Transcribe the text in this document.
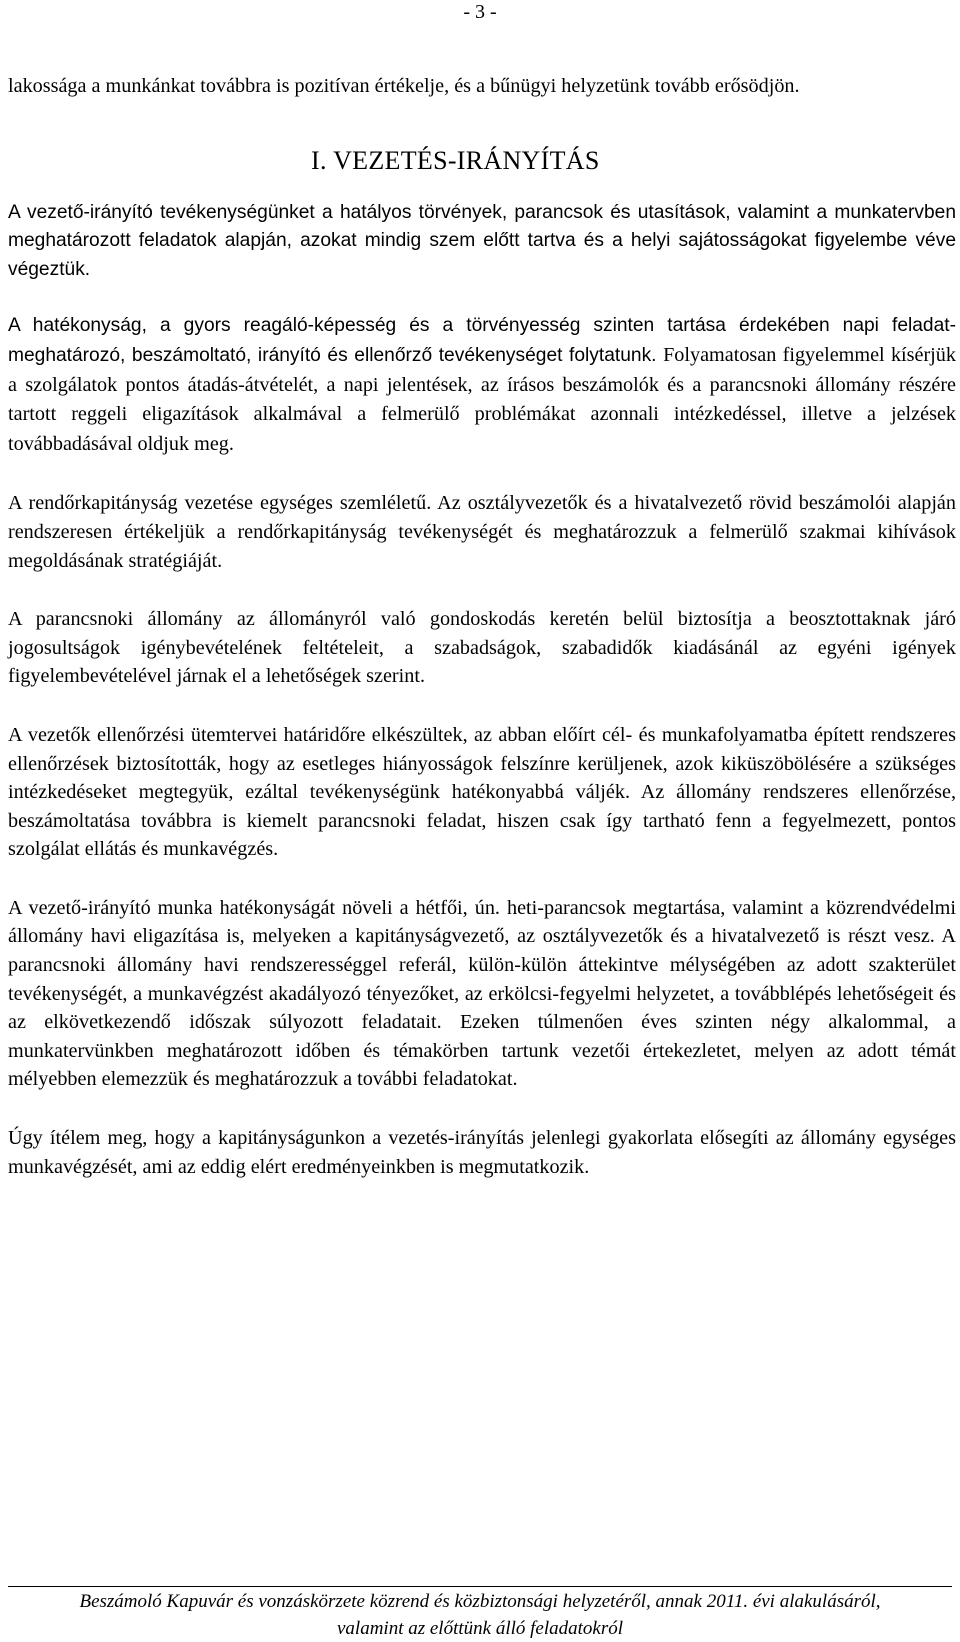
- 3 -

lakossága a munkánkat továbbra is pozitívan értékelje, és a bűnügyi helyzetünk tovább erősödjön.

I. VEZETÉS-IRÁNYÍTÁS

A vezető-irányító tevékenységünket a hatályos törvények, parancsok és utasítások, valamint a munkatervben meghatározott feladatok alapján, azokat mindig szem előtt tartva és a helyi sajátosságokat figyelembe véve végeztük.

A hatékonyság, a gyors reagáló-képesség és a törvényesség szinten tartása érdekében napi feladat-meghatározó, beszámoltató, irányító és ellenőrző tevékenységet folytatunk. Folyamatosan figyelemmel kísérjük a szolgálatok pontos átadás-átvételét, a napi jelentések, az írásos beszámolók és a parancsnoki állomány részére tartott reggeli eligazítások alkalmával a felmerülő problémákat azonnali intézkedéssel, illetve a jelzések továbbadásával oldjuk meg.

A rendőrkapitányság vezetése egységes szemléletű. Az osztályvezetők és a hivatalvezető rövid beszámolói alapján rendszeresen értékeljük a rendőrkapitányság tevékenységét és meghatározzuk a felmerülő szakmai kihívások megoldásának stratégiáját.

A parancsnoki állomány az állományról való gondoskodás keretén belül biztosítja a beosztottaknak járó jogosultságok igénybevételének feltételeit, a szabadságok, szabadidők kiadásánál az egyéni igények figyelembevételével járnak el a lehetőségek szerint.

A vezetők ellenőrzési ütemtervei határidőre elkészültek, az abban előírt cél- és munkafolyamatba épített rendszeres ellenőrzések biztosították, hogy az esetleges hiányosságok felszínre kerüljenek, azok kiküszöbölésére a szükséges intézkedéseket megtegyük, ezáltal tevékenységünk hatékonyabbá váljék. Az állomány rendszeres ellenőrzése, beszámoltatása továbbra is kiemelt parancsnoki feladat, hiszen csak így tartható fenn a fegyelmezett, pontos szolgálat ellátás és munkavégzés.

A vezető-irányító munka hatékonyságát növeli a hétfői, ún. heti-parancsok megtartása, valamint a közrendvédelmi állomány havi eligazítása is, melyeken a kapitányságvezető, az osztályvezetők és a hivatalvezető is részt vesz. A parancsnoki állomány havi rendszerességgel referál, külön-külön áttekintve mélységében az adott szakterület tevékenységét, a munkavégzést akadályozó tényezőket, az erkölcsi-fegyelmi helyzetet, a továbblépés lehetőségeit és az elkövetkezendő időszak súlyozott feladatait. Ezeken túlmenően éves szinten négy alkalommal, a munkatervünkben meghatározott időben és témakörben tartunk vezetői értekezletet, melyen az adott témát mélyebben elemezzük és meghatározzuk a további feladatokat.

Úgy ítélem meg, hogy a kapitányságunkon a vezetés-irányítás jelenlegi gyakorlata elősegíti az állomány egységes munkavégzését, ami az eddig elért eredményeinkben is megmutatkozik.

Beszámoló Kapuvár és vonzáskörzete közrend és közbiztonsági helyzetéről, annak 2011. évi alakulásáról,
valamint az előttünk álló feladatokról
